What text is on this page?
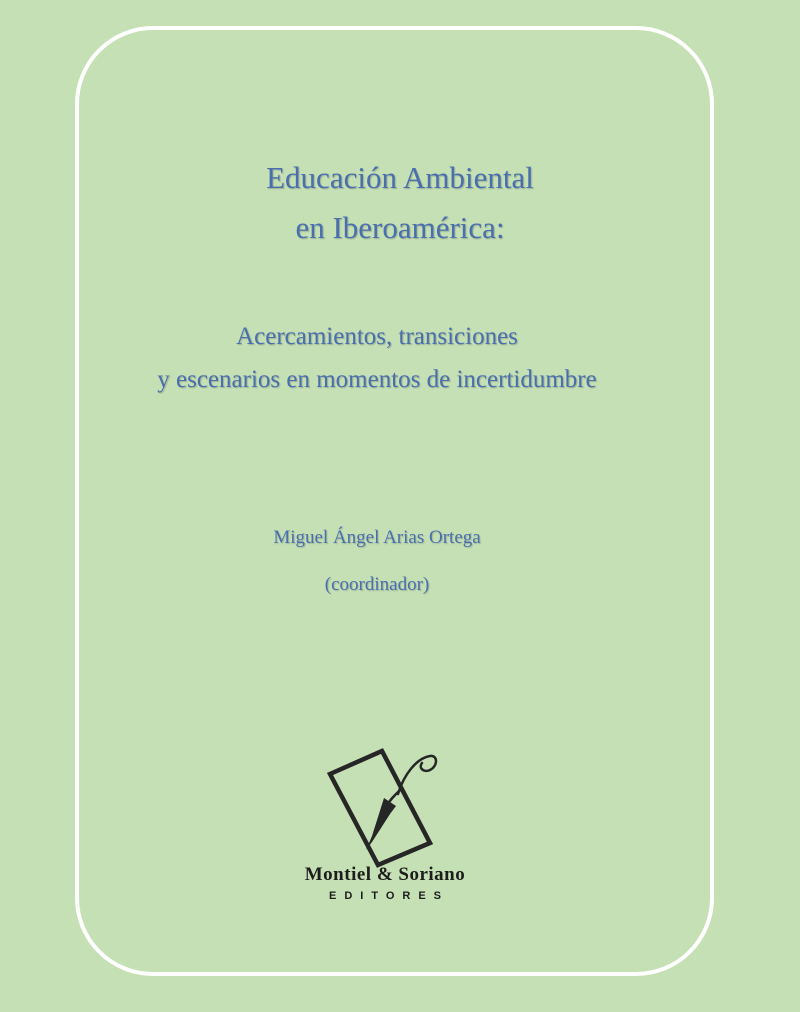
Educación Ambiental
en Iberoamérica:
Acercamientos, transiciones
y escenarios en momentos de incertidumbre
Miguel Ángel Arias Ortega
(coordinador)
Montiel & Soriano
EDITORES
